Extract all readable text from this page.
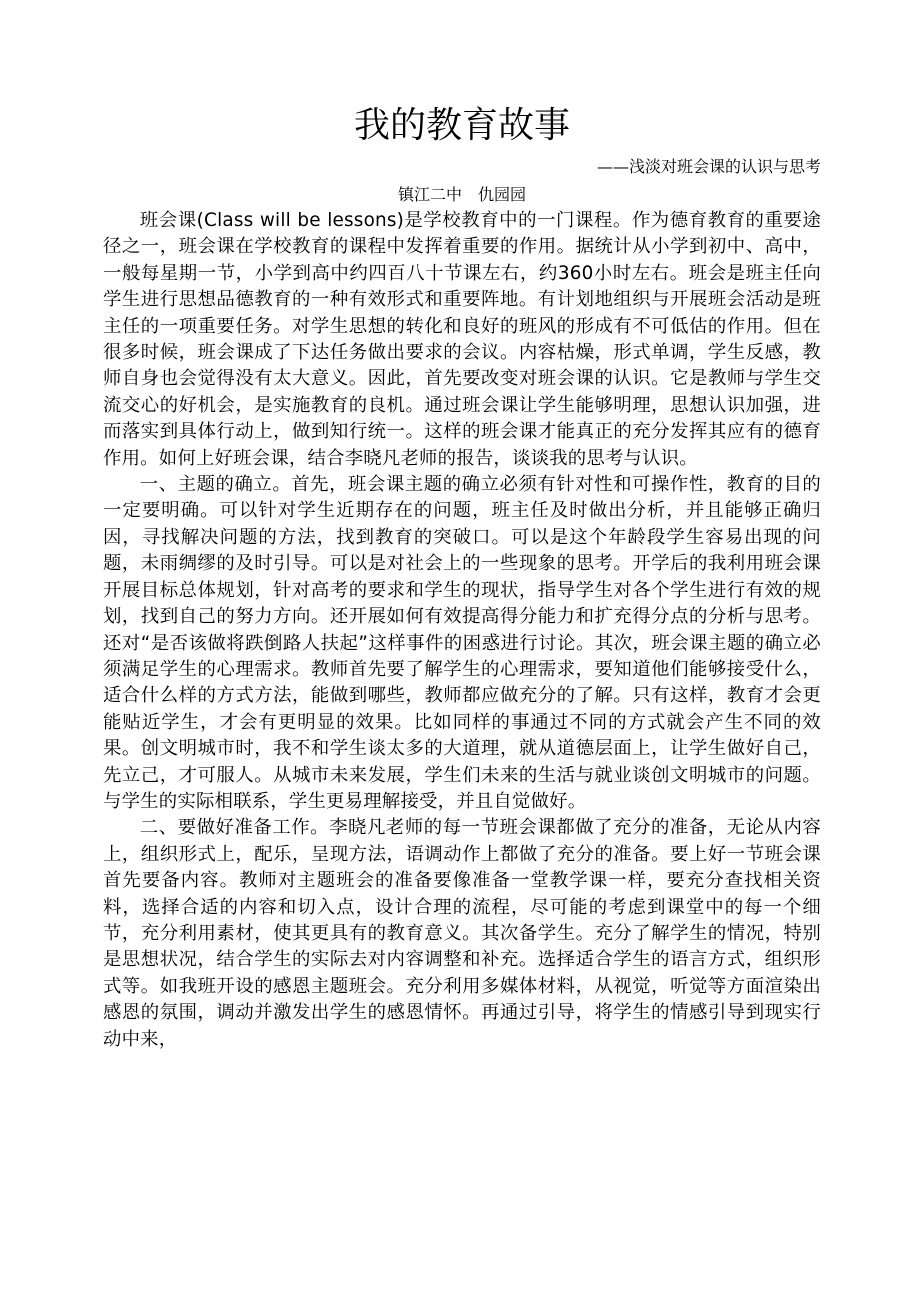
我的教育故事
——浅淡对班会课的认识与思考
镇江二中　仇园园

班会课(Class will be lessons)是学校教育中的一门课程。作为德育教育的重要途径之一，班会课在学校教育的课程中发挥着重要的作用。据统计从小学到初中、高中，一般每星期一节，小学到高中约四百八十节课左右，约360小时左右。班会是班主任向学生进行思想品德教育的一种有效形式和重要阵地。有计划地组织与开展班会活动是班主任的一项重要任务。对学生思想的转化和良好的班风的形成有不可低估的作用。但在很多时候，班会课成了下达任务做出要求的会议。内容枯燥，形式单调，学生反感，教师自身也会觉得没有太大意义。因此，首先要改变对班会课的认识。它是教师与学生交流交心的好机会，是实施教育的良机。通过班会课让学生能够明理，思想认识加强，进而落实到具体行动上，做到知行统一。这样的班会课才能真正的充分发挥其应有的德育作用。如何上好班会课，结合李晓凡老师的报告，谈谈我的思考与认识。

一、主题的确立。首先，班会课主题的确立必须有针对性和可操作性，教育的目的一定要明确。可以针对学生近期存在的问题，班主任及时做出分析，并且能够正确归因，寻找解决问题的方法，找到教育的突破口。可以是这个年龄段学生容易出现的问题，未雨绸缪的及时引导。可以是对社会上的一些现象的思考。开学后的我利用班会课开展目标总体规划，针对高考的要求和学生的现状，指导学生对各个学生进行有效的规划，找到自己的努力方向。还开展如何有效提高得分能力和扩充得分点的分析与思考。还对“是否该做将跌倒路人扶起”这样事件的困惑进行讨论。其次，班会课主题的确立必须满足学生的心理需求。教师首先要了解学生的心理需求，要知道他们能够接受什么，适合什么样的方式方法，能做到哪些，教师都应做充分的了解。只有这样，教育才会更能贴近学生，才会有更明显的效果。比如同样的事通过不同的方式就会产生不同的效果。创文明城市时，我不和学生谈太多的大道理，就从道德层面上，让学生做好自己，先立己，才可服人。从城市未来发展，学生们未来的生活与就业谈创文明城市的问题。与学生的实际相联系，学生更易理解接受，并且自觉做好。

二、要做好准备工作。李晓凡老师的每一节班会课都做了充分的准备，无论从内容上，组织形式上，配乐，呈现方法，语调动作上都做了充分的准备。要上好一节班会课首先要备内容。教师对主题班会的准备要像准备一堂教学课一样，要充分查找相关资料，选择合适的内容和切入点，设计合理的流程，尽可能的考虑到课堂中的每一个细节，充分利用素材，使其更具有的教育意义。其次备学生。充分了解学生的情况，特别是思想状况，结合学生的实际去对内容调整和补充。选择适合学生的语言方式，组织形式等。如我班开设的感恩主题班会。充分利用多媒体材料，从视觉，听觉等方面渲染出感恩的氛围，调动并激发出学生的感恩情怀。再通过引导，将学生的情感引导到现实行动中来，
